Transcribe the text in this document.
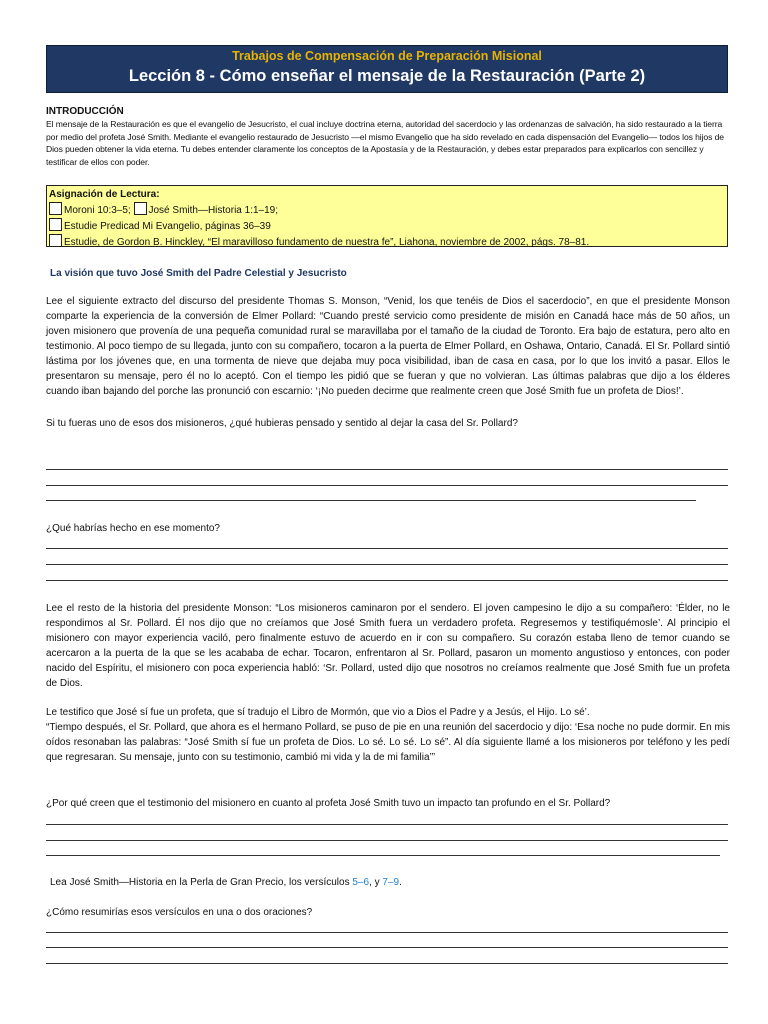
Trabajos de Compensación de Preparación Misional
Lección 8 - Cómo enseñar el mensaje de la Restauración (Parte 2)
INTRODUCCIÓN
El mensaje de la Restauración es que el evangelio de Jesucristo, el cual incluye doctrina eterna, autoridad del sacerdocio y las ordenanzas de salvación, ha sido restaurado a la tierra por medio del profeta José Smith. Mediante el evangelio restaurado de Jesucristo —el mismo Evangelio que ha sido revelado en cada dispensación del Evangelio— todos los hijos de Dios pueden obtener la vida eterna. Tu debes entender claramente los conceptos de la Apostasía y de la Restauración, y debes estar preparados para explicarlos con sencillez y testificar de ellos con poder.
Asignación de Lectura:
Moroni 10:3–5; José Smith—Historia 1:1–19;
Estudie Predicad Mi Evangelio, páginas 36–39
Estudie, de Gordon B. Hinckley, “El maravilloso fundamento de nuestra fe”, Liahona, noviembre de 2002, págs. 78–81.
La visión que tuvo José Smith del Padre Celestial y Jesucristo
Lee el siguiente extracto del discurso del presidente Thomas S. Monson, “Venid, los que tenéis de Dios el sacerdocio”, en que el presidente Monson comparte la experiencia de la conversión de Elmer Pollard: “Cuando presté servicio como presidente de misión en Canadá hace más de 50 años, un joven misionero que provenía de una pequeña comunidad rural se maravillaba por el tamaño de la ciudad de Toronto. Era bajo de estatura, pero alto en testimonio. Al poco tiempo de su llegada, junto con su compañero, tocaron a la puerta de Elmer Pollard, en Oshawa, Ontario, Canadá. El Sr. Pollard sintió lástima por los jóvenes que, en una tormenta de nieve que dejaba muy poca visibilidad, iban de casa en casa, por lo que los invitó a pasar. Ellos le presentaron su mensaje, pero él no lo aceptó. Con el tiempo les pidió que se fueran y que no volvieran. Las últimas palabras que dijo a los élderes cuando iban bajando del porche las pronunció con escarnio: ‘¡No pueden decirme que realmente creen que José Smith fue un profeta de Dios!’.
Si tu fueras uno de esos dos misioneros, ¿qué hubieras pensado y sentido al dejar la casa del Sr. Pollard?
¿Qué habrías hecho en ese momento?
Lee el resto de la historia del presidente Monson: “Los misioneros caminaron por el sendero. El joven campesino le dijo a su compañero: ‘Élder, no le respondimos al Sr. Pollard. Él nos dijo que no creíamos que José Smith fuera un verdadero profeta. Regresemos y testifiquémosle’. Al principio el misionero con mayor experiencia vaciló, pero finalmente estuvo de acuerdo en ir con su compañero. Su corazón estaba lleno de temor cuando se acercaron a la puerta de la que se les acababa de echar. Tocaron, enfrentaron al Sr. Pollard, pasaron un momento angustioso y entonces, con poder nacido del Espíritu, el misionero con poca experiencia habló: ‘Sr. Pollard, usted dijo que nosotros no creíamos realmente que José Smith fue un profeta de Dios.
Le testifico que José sí fue un profeta, que sí tradujo el Libro de Mormón, que vio a Dios el Padre y a Jesús, el Hijo. Lo sé’.
“Tiempo después, el Sr. Pollard, que ahora es el hermano Pollard, se puso de pie en una reunión del sacerdocio y dijo: ‘Esa noche no pude dormir. En mis oídos resonaban las palabras: “José Smith sí fue un profeta de Dios. Lo sé. Lo sé. Lo sé”. Al día siguiente llamé a los misioneros por teléfono y les pedí que regresaran. Su mensaje, junto con su testimonio, cambió mi vida y la de mi familia’”
¿Por qué creen que el testimonio del misionero en cuanto al profeta José Smith tuvo un impacto tan profundo en el Sr. Pollard?
Lea José Smith—Historia en la Perla de Gran Precio, los versículos 5–6, y 7–9.
¿Cómo resumirías esos versículos en una o dos oraciones?
